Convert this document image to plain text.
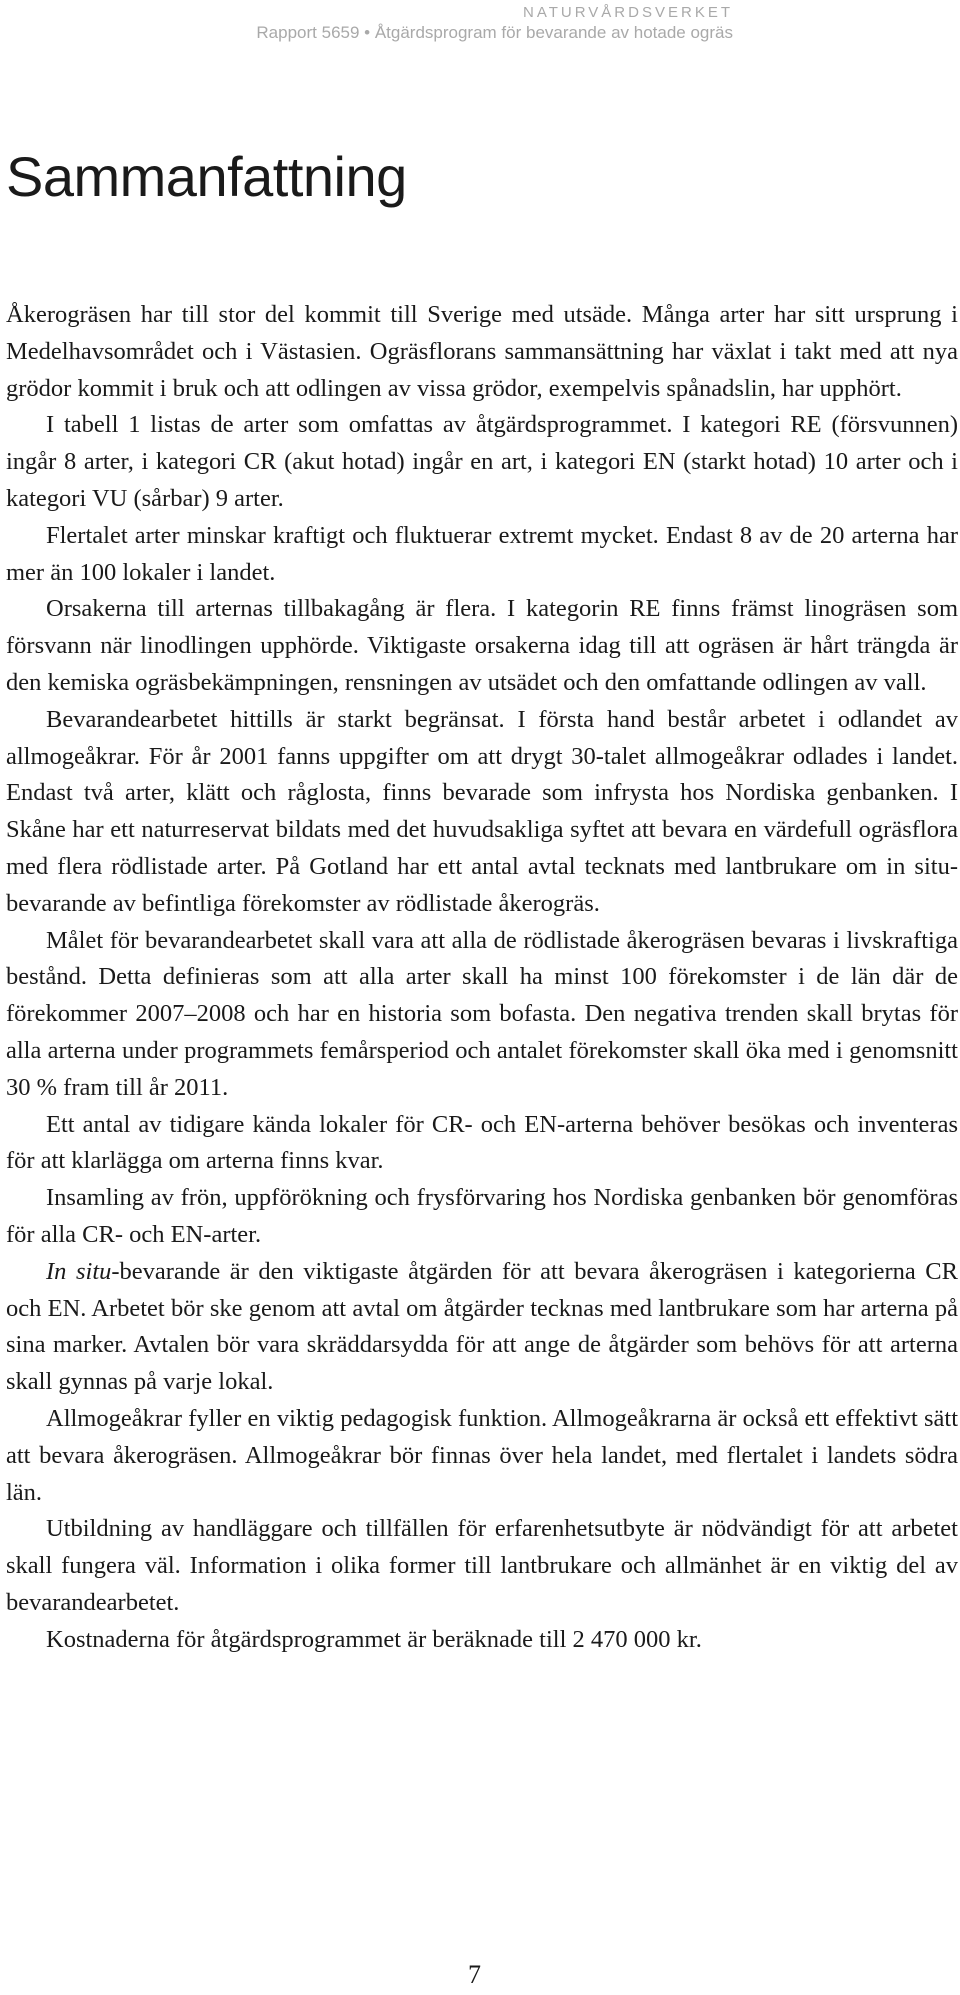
NATURVÅRDSVERKET
Rapport 5659 • Åtgärdsprogram för bevarande av hotade ogräs
Sammanfattning

Åkerogräsen har till stor del kommit till Sverige med utsäde. Många arter har sitt ursprung i Medelhavsområdet och i Västasien. Ogräsflorans sammansättning har växlat i takt med att nya grödor kommit i bruk och att odlingen av vissa grödor, exempelvis spånadslin, har upphört.

I tabell 1 listas de arter som omfattas av åtgärdsprogrammet. I kategori RE (försvunnen) ingår 8 arter, i kategori CR (akut hotad) ingår en art, i kategori EN (starkt hotad) 10 arter och i kategori VU (sårbar) 9 arter.

Flertalet arter minskar kraftigt och fluktuerar extremt mycket. Endast 8 av de 20 arterna har mer än 100 lokaler i landet.

Orsakerna till arternas tillbakagång är flera. I kategorin RE finns främst linogräsen som försvann när linodlingen upphörde. Viktigaste orsakerna idag till att ogräsen är hårt trängda är den kemiska ogräsbekämpningen, rensningen av utsädet och den omfattande odlingen av vall.

Bevarandearbetet hittills är starkt begränsat. I första hand består arbetet i odlandet av allmogeåkrar. För år 2001 fanns uppgifter om att drygt 30-talet allmogeåkrar odlades i landet. Endast två arter, klätt och råglosta, finns bevarade som infrysta hos Nordiska genbanken. I Skåne har ett naturreservat bildats med det huvudsakliga syftet att bevara en värdefull ogräsflora med flera rödlistade arter. På Gotland har ett antal avtal tecknats med lantbrukare om in situ-bevarande av befintliga förekomster av rödlistade åkerogräs.

Målet för bevarandearbetet skall vara att alla de rödlistade åkerogräsen bevaras i livskraftiga bestånd. Detta definieras som att alla arter skall ha minst 100 förekomster i de län där de förekommer 2007–2008 och har en historia som bofasta. Den negativa trenden skall brytas för alla arterna under programmets femårsperiod och antalet förekomster skall öka med i genomsnitt 30 % fram till år 2011.

Ett antal av tidigare kända lokaler för CR- och EN-arterna behöver besökas och inventeras för att klarlägga om arterna finns kvar.

Insamling av frön, uppförökning och frysförvaring hos Nordiska genbanken bör genomföras för alla CR- och EN-arter.

In situ-bevarande är den viktigaste åtgärden för att bevara åkerogräsen i kategorierna CR och EN. Arbetet bör ske genom att avtal om åtgärder tecknas med lantbrukare som har arterna på sina marker. Avtalen bör vara skräddarsydda för att ange de åtgärder som behövs för att arterna skall gynnas på varje lokal.

Allmogeåkrar fyller en viktig pedagogisk funktion. Allmogeåkrarna är också ett effektivt sätt att bevara åkerogräsen. Allmogeåkrar bör finnas över hela landet, med flertalet i landets södra län.

Utbildning av handläggare och tillfällen för erfarenhetsutbyte är nödvändigt för att arbetet skall fungera väl. Information i olika former till lantbrukare och allmänhet är en viktig del av bevarandearbetet.

Kostnaderna för åtgärdsprogrammet är beräknade till 2 470 000 kr.

7
